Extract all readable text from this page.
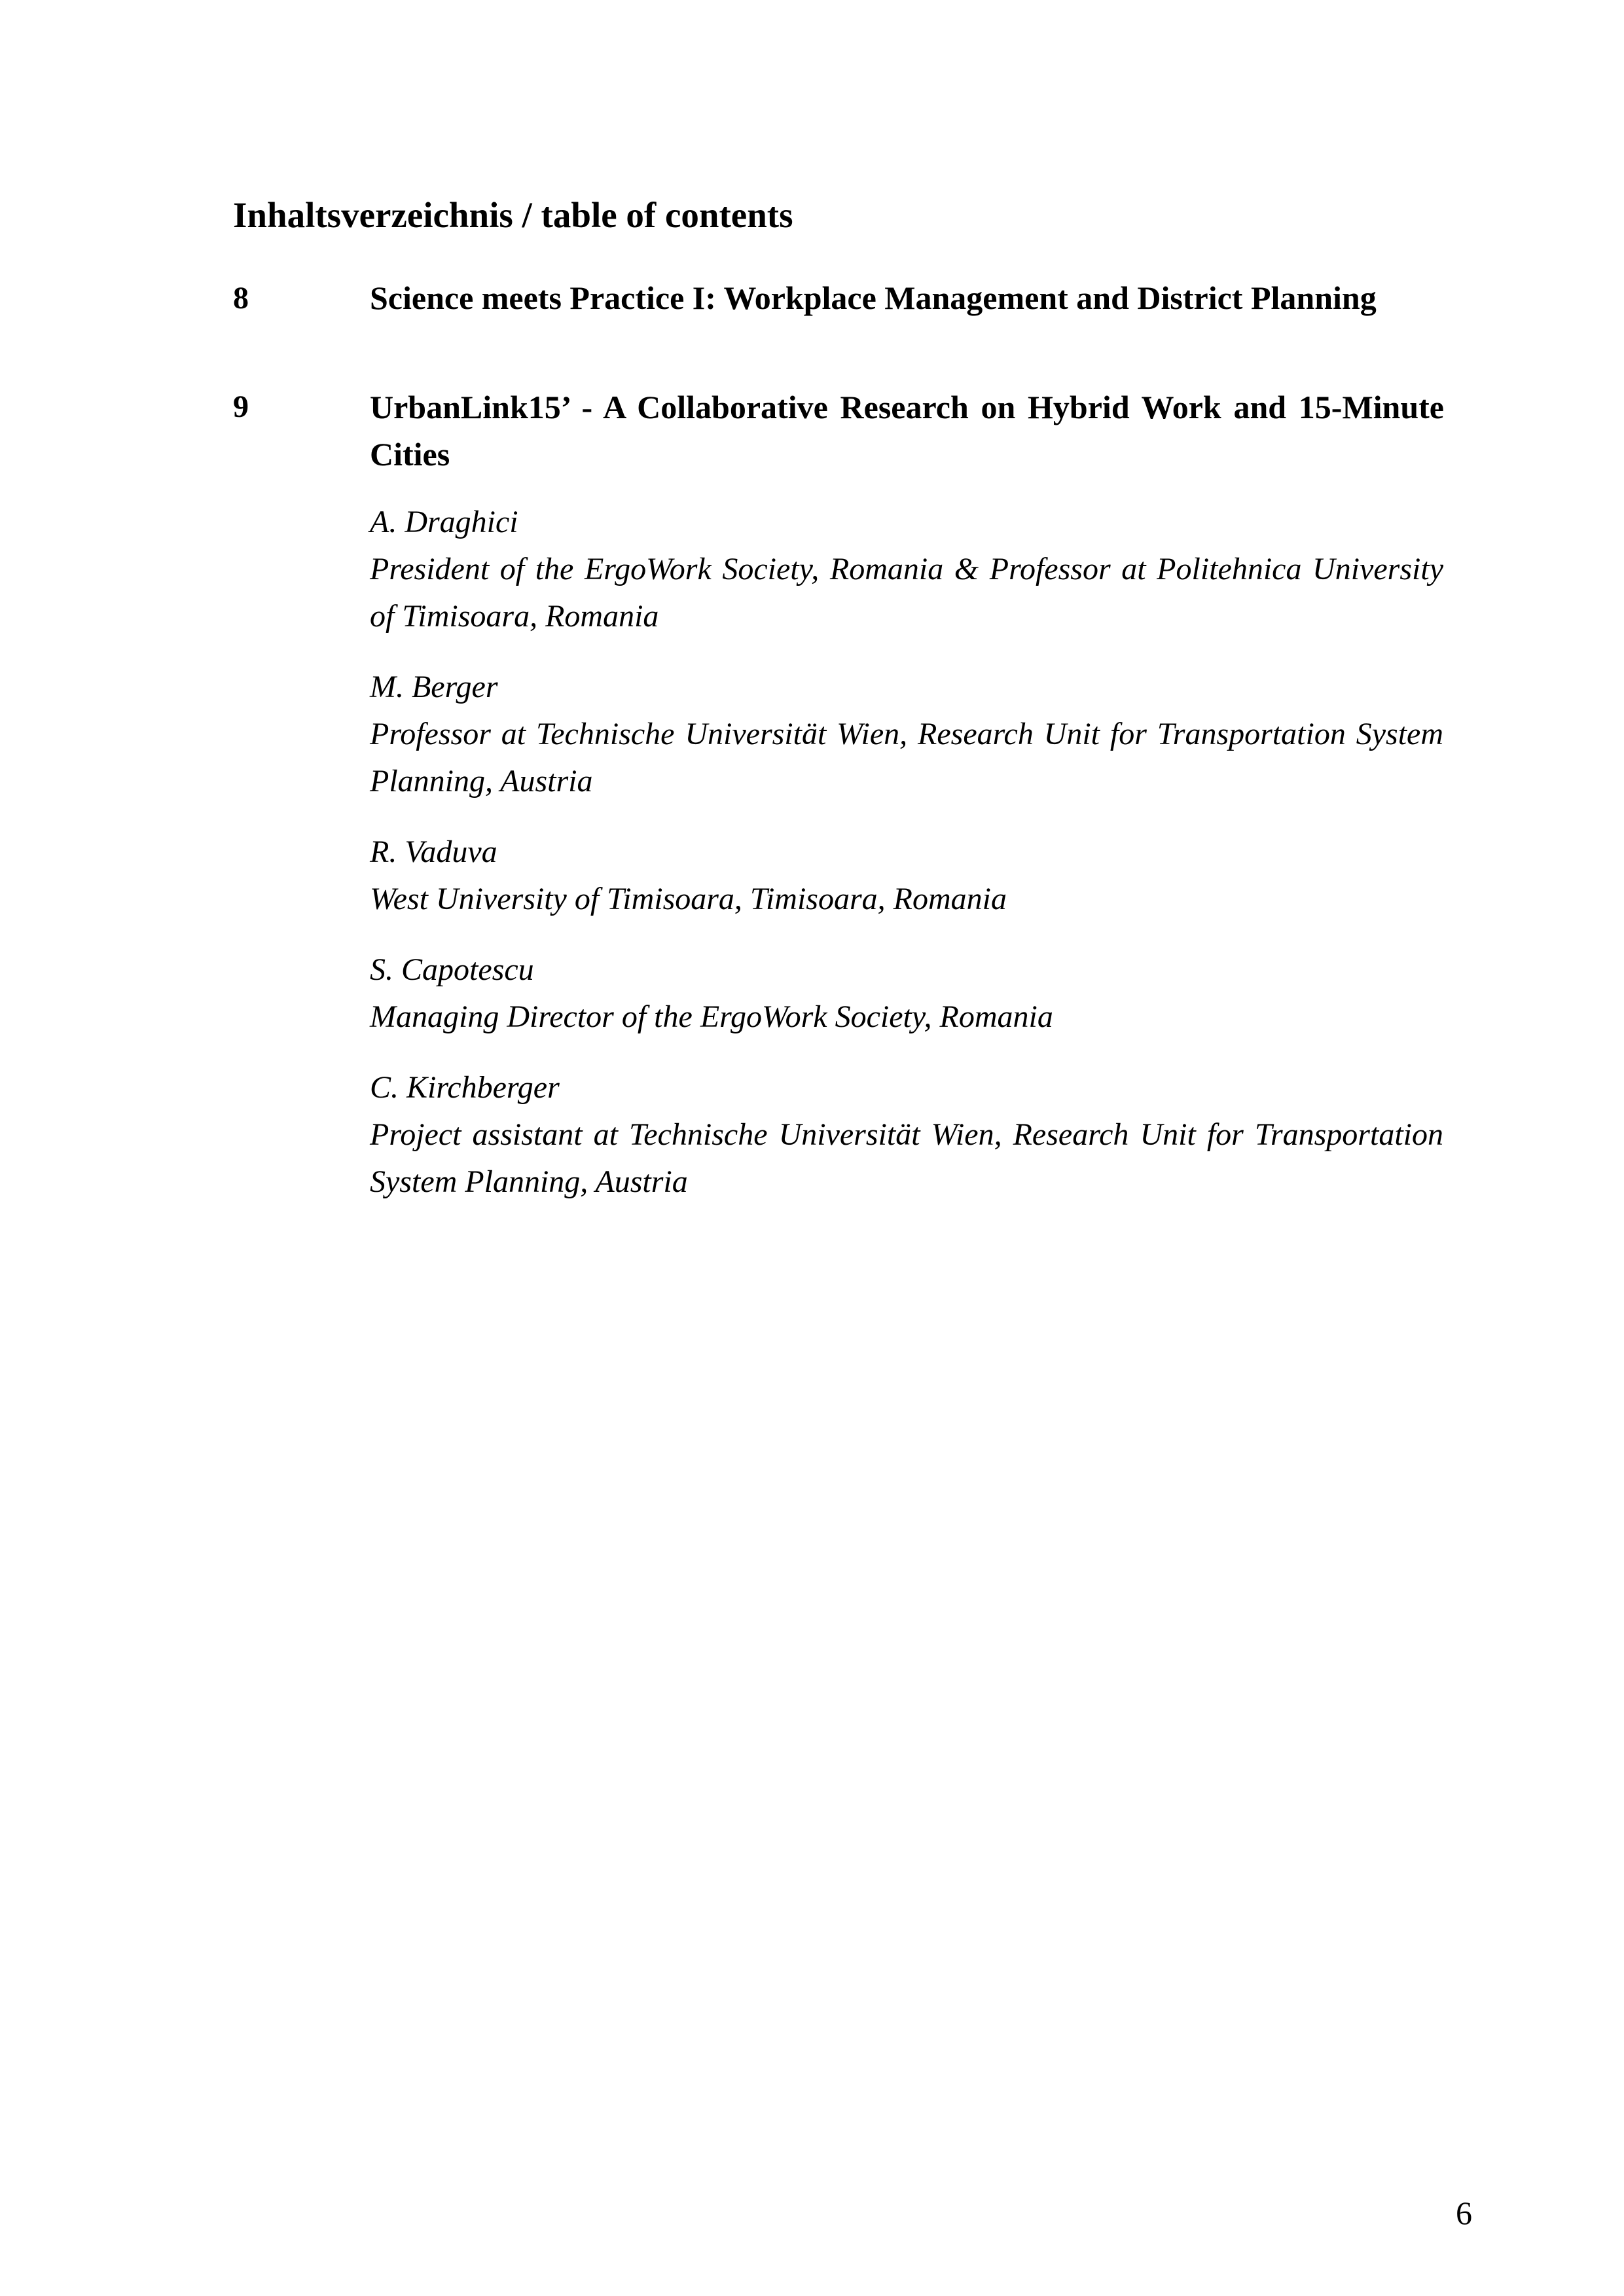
Inhaltsverzeichnis / table of contents
8	Science meets Practice I: Workplace Management and District Planning
9	UrbanLink15’ - A Collaborative Research on Hybrid Work and 15-Minute Cities
A. Draghici
President of the ErgoWork Society, Romania & Professor at Politehnica University of Timisoara, Romania
M. Berger
Professor at Technische Universität Wien, Research Unit for Transportation System Planning, Austria
R. Vaduva
West University of Timisoara, Timisoara, Romania
S. Capotescu
Managing Director of the ErgoWork Society, Romania
C. Kirchberger
Project assistant at Technische Universität Wien, Research Unit for Transportation System Planning, Austria
6
